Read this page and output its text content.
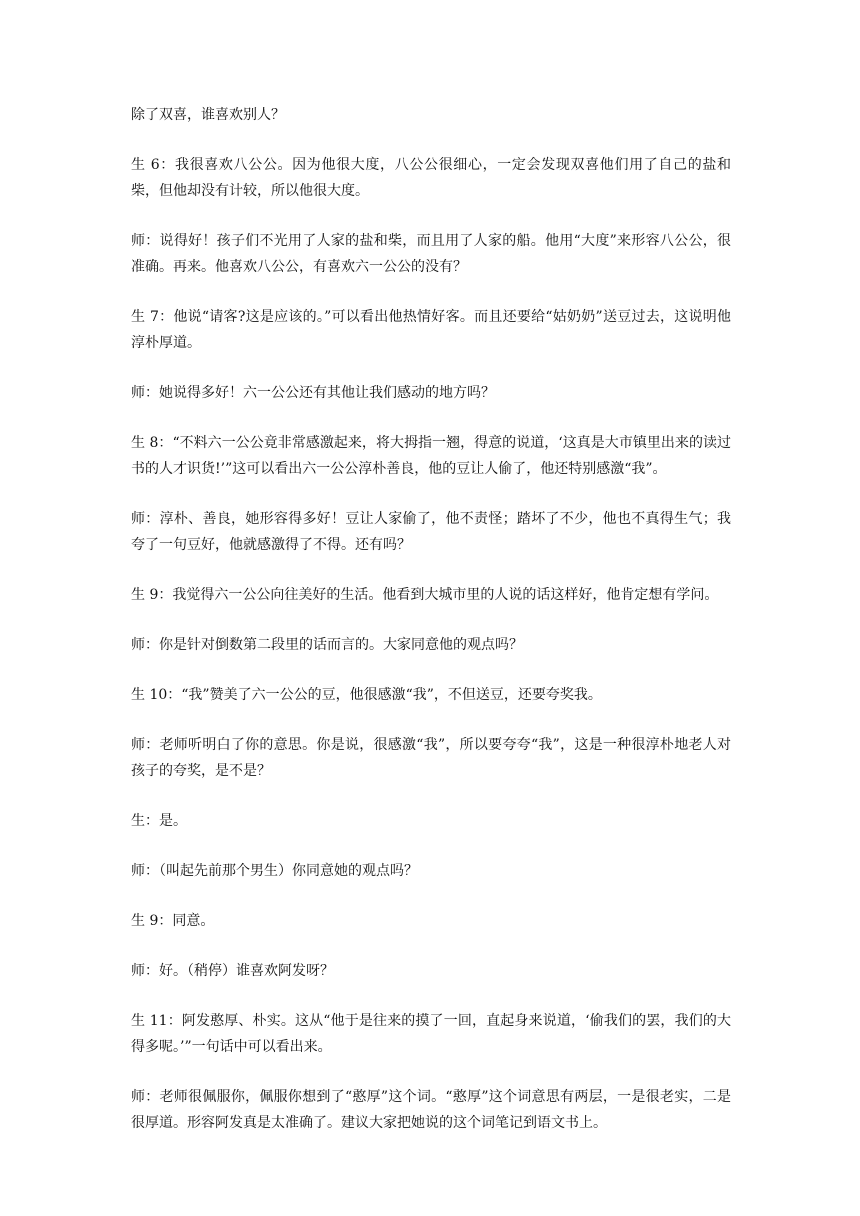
除了双喜，谁喜欢别人？

生 6：我很喜欢八公公。因为他很大度，八公公很细心，一定会发现双喜他们用了自己的盐和柴，但他却没有计较，所以他很大度。

师：说得好！孩子们不光用了人家的盐和柴，而且用了人家的船。他用“大度”来形容八公公，很准确。再来。他喜欢八公公，有喜欢六一公公的没有？

生 7：他说“请客?这是应该的。”可以看出他热情好客。而且还要给“姑奶奶”送豆过去，这说明他淳朴厚道。

师：她说得多好！六一公公还有其他让我们感动的地方吗？

生 8：“不料六一公公竟非常感激起来，将大拇指一翘，得意的说道，‘这真是大市镇里出来的读过书的人才识货!’”这可以看出六一公公淳朴善良，他的豆让人偷了，他还特别感激“我”。

师：淳朴、善良，她形容得多好！豆让人家偷了，他不责怪；踏坏了不少，他也不真得生气；我夸了一句豆好，他就感激得了不得。还有吗？

生 9：我觉得六一公公向往美好的生活。他看到大城市里的人说的话这样好，他肯定想有学问。

师：你是针对倒数第二段里的话而言的。大家同意他的观点吗？

生 10：“我”赞美了六一公公的豆，他很感激“我”，不但送豆，还要夸奖我。

师：老师听明白了你的意思。你是说，很感激“我”，所以要夸夸“我”，这是一种很淳朴地老人对孩子的夸奖，是不是？

生：是。

师：（叫起先前那个男生）你同意她的观点吗？

生 9：同意。

师：好。（稍停）谁喜欢阿发呀？

生 11：阿发憨厚、朴实。这从“他于是往来的摸了一回，直起身来说道，‘偷我们的罢，我们的大得多呢。’”一句话中可以看出来。

师：老师很佩服你，佩服你想到了“憨厚”这个词。“憨厚”这个词意思有两层，一是很老实，二是很厚道。形容阿发真是太准确了。建议大家把她说的这个词笔记到语文书上。
